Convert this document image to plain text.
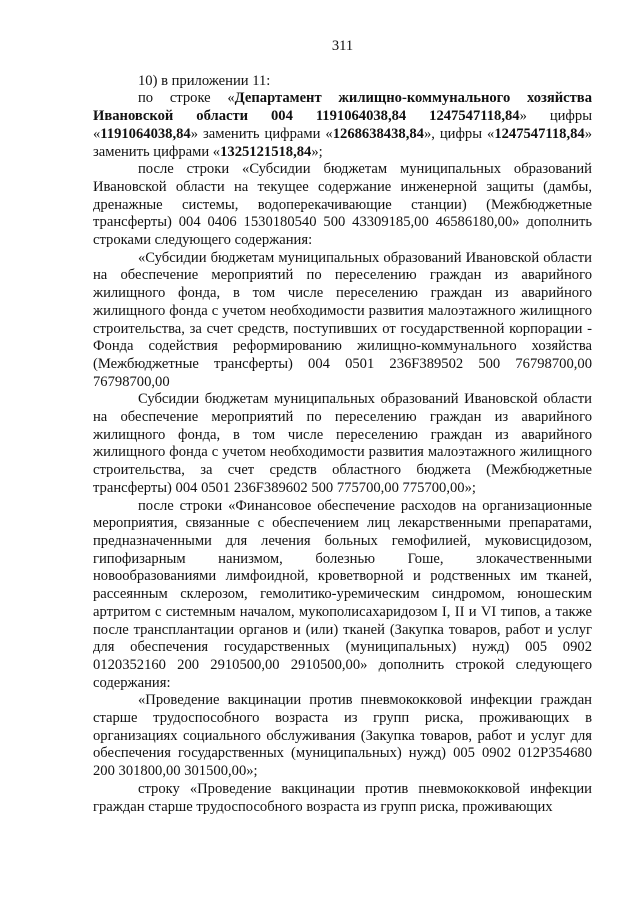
311

10) в приложении 11:

по строке «Департамент жилищно-коммунального хозяйства Ивановской области 004 1191064038,84 1247547118,84» цифры «1191064038,84» заменить цифрами «1268638438,84», цифры «1247547118,84» заменить цифрами «1325121518,84»;

после строки «Субсидии бюджетам муниципальных образований Ивановской области на текущее содержание инженерной защиты (дамбы, дренажные системы, водоперекачивающие станции) (Межбюджетные трансферты) 004 0406 1530180540 500 43309185,00 46586180,00» дополнить строками следующего содержания:

«Субсидии бюджетам муниципальных образований Ивановской области на обеспечение мероприятий по переселению граждан из аварийного жилищного фонда, в том числе переселению граждан из аварийного жилищного фонда с учетом необходимости развития малоэтажного жилищного строительства, за счет средств, поступивших от государственной корпорации - Фонда содействия реформированию жилищно-коммунального хозяйства (Межбюджетные трансферты) 004 0501 236F389502 500 76798700,00 76798700,00

Субсидии бюджетам муниципальных образований Ивановской области на обеспечение мероприятий по переселению граждан из аварийного жилищного фонда, в том числе переселению граждан из аварийного жилищного фонда с учетом необходимости развития малоэтажного жилищного строительства, за счет средств областного бюджета (Межбюджетные трансферты) 004 0501 236F389602 500 775700,00 775700,00»;

после строки «Финансовое обеспечение расходов на организационные мероприятия, связанные с обеспечением лиц лекарственными препаратами, предназначенными для лечения больных гемофилией, муковисцидозом, гипофизарным нанизмом, болезнью Гоше, злокачественными новообразованиями лимфоидной, кроветворной и родственных им тканей, рассеянным склерозом, гемолитико-уремическим синдромом, юношеским артритом с системным началом, мукополисахаридозом I, II и VI типов, а также после трансплантации органов и (или) тканей (Закупка товаров, работ и услуг для обеспечения государственных (муниципальных) нужд) 005 0902 0120352160 200 2910500,00 2910500,00» дополнить строкой следующего содержания:

«Проведение вакцинации против пневмококковой инфекции граждан старше трудоспособного возраста из групп риска, проживающих в организациях социального обслуживания (Закупка товаров, работ и услуг для обеспечения государственных (муниципальных) нужд) 005 0902 012P354680 200 301800,00 301500,00»;

строку «Проведение вакцинации против пневмококковой инфекции граждан старше трудоспособного возраста из групп риска, проживающих
